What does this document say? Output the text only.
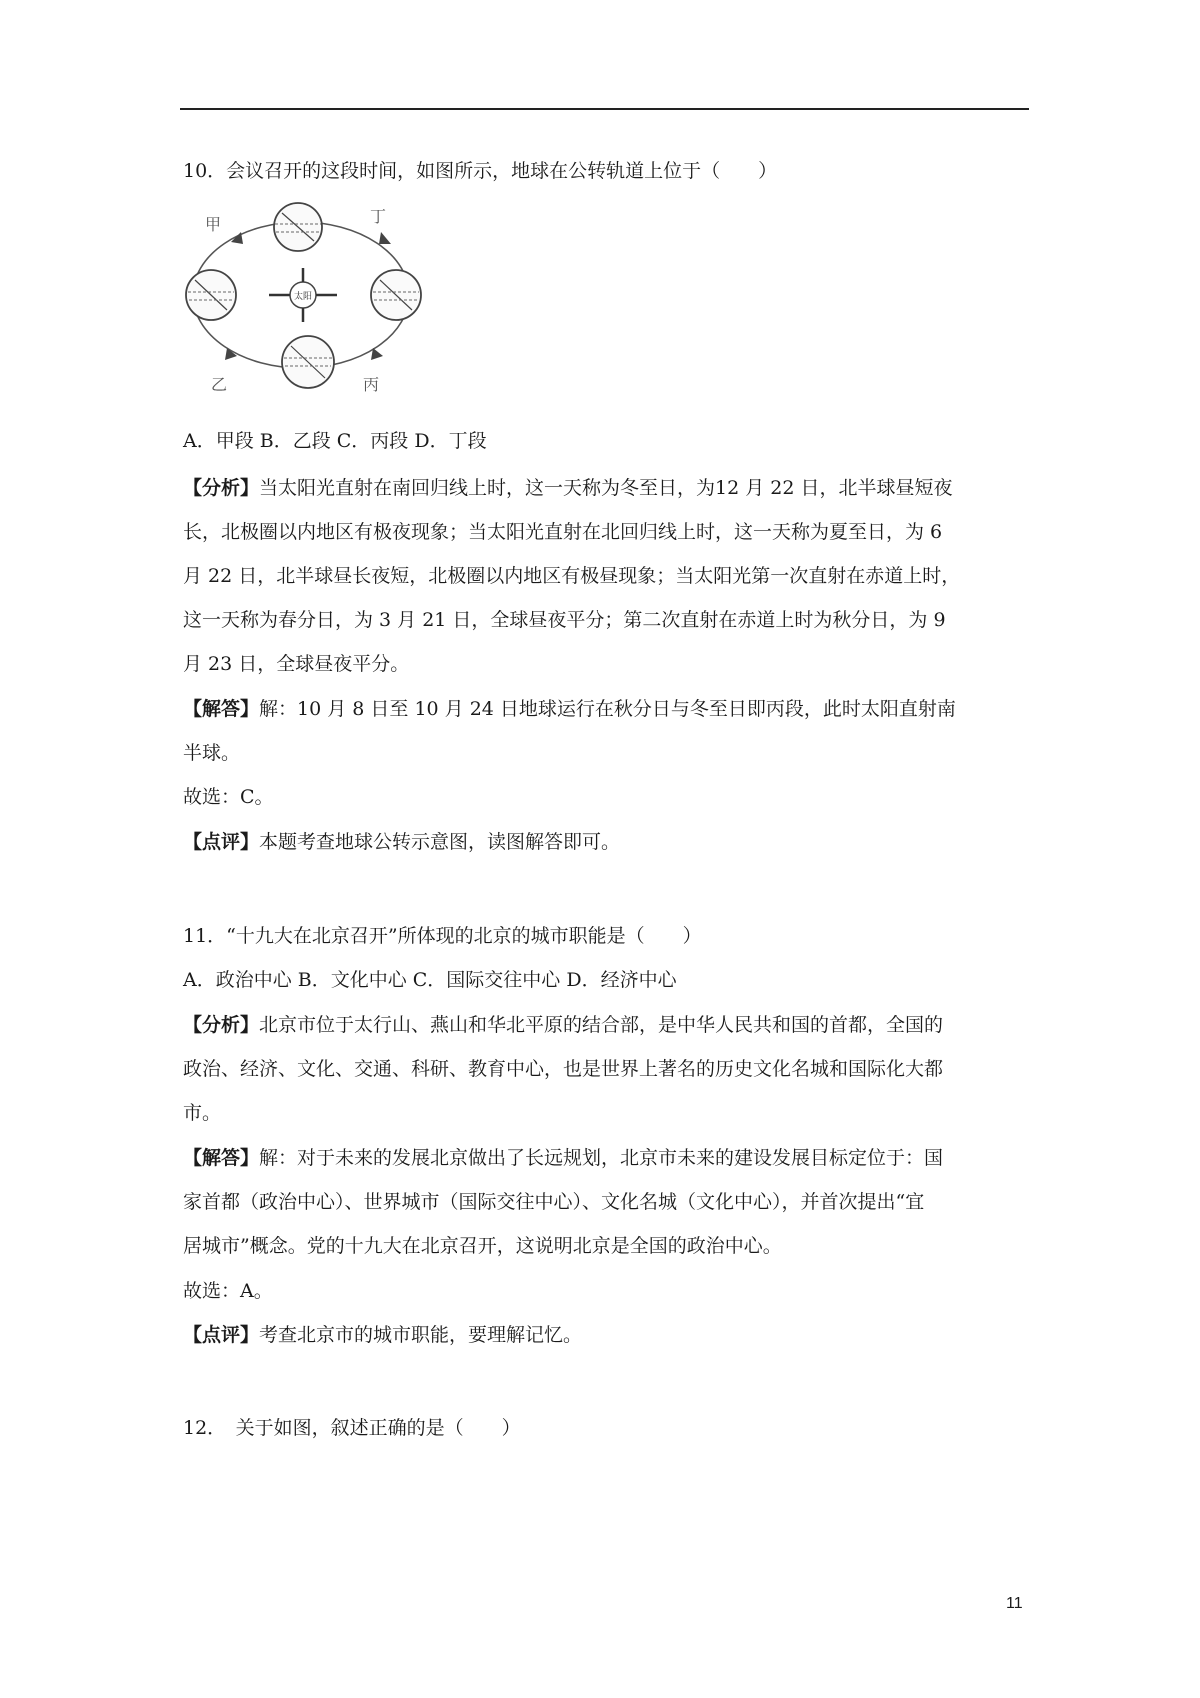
10．会议召开的这段时间，如图所示，地球在公转轨道上位于（　　）
太阳
甲	丁
乙	丙
A．甲段 B．乙段 C．丙段 D．丁段
【分析】当太阳光直射在南回归线上时，这一天称为冬至日，为12 月 22 日，北半球昼短夜
长，北极圈以内地区有极夜现象；当太阳光直射在北回归线上时，这一天称为夏至日，为 6
月 22 日，北半球昼长夜短，北极圈以内地区有极昼现象；当太阳光第一次直射在赤道上时，
这一天称为春分日，为 3 月 21 日，全球昼夜平分；第二次直射在赤道上时为秋分日，为 9
月 23 日，全球昼夜平分。
【解答】解：10 月 8 日至 10 月 24 日地球运行在秋分日与冬至日即丙段，此时太阳直射南
半球。
故选：C。
【点评】本题考查地球公转示意图，读图解答即可。
11．“十九大在北京召开”所体现的北京的城市职能是（　　）
A．政治中心 B．文化中心 C．国际交往中心 D．经济中心
【分析】北京市位于太行山、燕山和华北平原的结合部，是中华人民共和国的首都，全国的
政治、经济、文化、交通、科研、教育中心，也是世界上著名的历史文化名城和国际化大都
市。
【解答】解：对于未来的发展北京做出了长远规划，北京市未来的建设发展目标定位于：国
家首都（政治中心）、世界城市（国际交往中心）、文化名城（文化中心），并首次提出“宜
居城市”概念。党的十九大在北京召开，这说明北京是全国的政治中心。
故选：A。
【点评】考查北京市的城市职能，要理解记忆。
12．　关于如图，叙述正确的是（　　）
11
